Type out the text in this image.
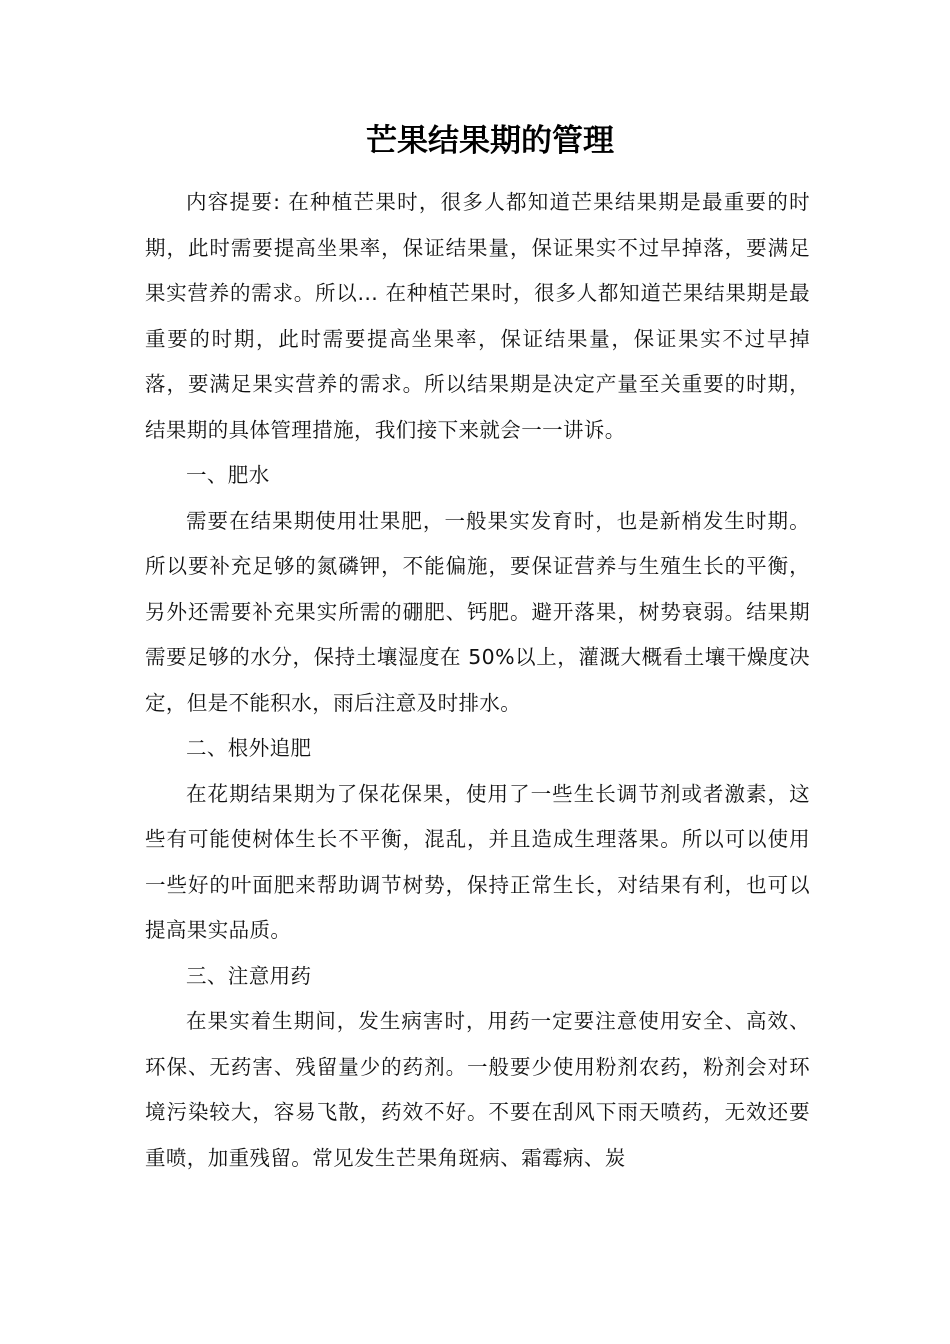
芒果结果期的管理

内容提要: 在种植芒果时，很多人都知道芒果结果期是最重要的时期，此时需要提高坐果率，保证结果量，保证果实不过早掉落，要满足果实营养的需求。所以... 在种植芒果时，很多人都知道芒果结果期是最重要的时期，此时需要提高坐果率，保证结果量，保证果实不过早掉落，要满足果实营养的需求。所以结果期是决定产量至关重要的时期，结果期的具体管理措施，我们接下来就会一一讲诉。

一、肥水

需要在结果期使用壮果肥，一般果实发育时，也是新梢发生时期。所以要补充足够的氮磷钾，不能偏施，要保证营养与生殖生长的平衡，另外还需要补充果实所需的硼肥、钙肥。避开落果，树势衰弱。结果期需要足够的水分，保持土壤湿度在 50%以上，灌溉大概看土壤干燥度决定，但是不能积水，雨后注意及时排水。

二、根外追肥

在花期结果期为了保花保果，使用了一些生长调节剂或者激素，这些有可能使树体生长不平衡，混乱，并且造成生理落果。所以可以使用一些好的叶面肥来帮助调节树势，保持正常生长，对结果有利，也可以提高果实品质。

三、注意用药

在果实着生期间，发生病害时，用药一定要注意使用安全、高效、环保、无药害、残留量少的药剂。一般要少使用粉剂农药，粉剂会对环境污染较大，容易飞散，药效不好。不要在刮风下雨天喷药，无效还要重喷，加重残留。常见发生芒果角斑病、霜霉病、炭
